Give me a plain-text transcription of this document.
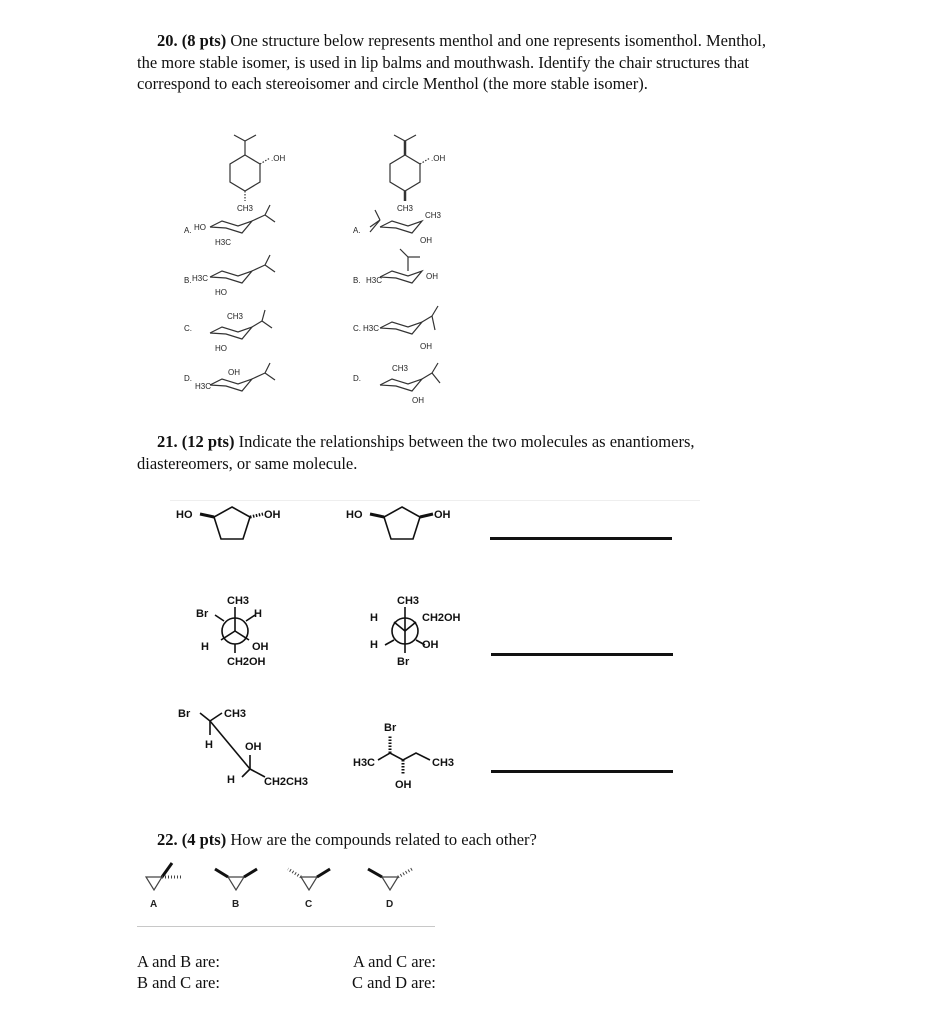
20. (8 pts) One structure below represents menthol and one represents isomenthol. Menthol, the more stable isomer, is used in lip balms and mouthwash. Identify the chair structures that correspond to each stereoisomer and circle Menthol (the more stable isomer).
.OH
CH3
.OH
CH3
A. HO
H3C
B. H3C
HO
C.
CH3
HO
D.
OH
H3C
A.
CH3
OH
B. H3C	OH
C. H3C
OH
D.
CH3
OH
21. (12 pts) Indicate the relationships between the two molecules as enantiomers, diastereomers, or same molecule.
HO	OH	HO	OH
CH3
Br	H
H	OH
CH2OH
CH3
H	CH2OH
H	OH
Br
Br	CH3
H	OH
H	CH2CH3
Br
H3C	CH3
OH
22. (4 pts) How are the compounds related to each other?
A	B	C	D
A and B are:	A and C are:
B and C are:	C and D are:
